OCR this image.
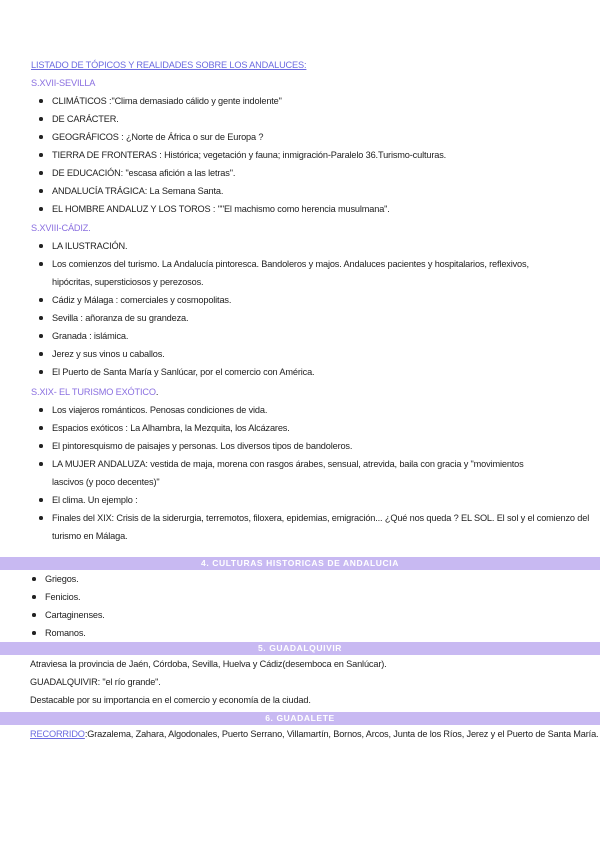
LISTADO DE TÓPICOS Y REALIDADES SOBRE LOS ANDALUCES:
S.XVII-SEVILLA
CLIMÁTICOS :"Clima demasiado cálido y gente indolente"
DE CARÁCTER.
GEOGRÁFICOS : ¿Norte de África o sur de Europa ?
TIERRA DE FRONTERAS : Histórica; vegetación y fauna; inmigración-Paralelo 36.Turismo-culturas.
DE EDUCACIÓN: "escasa afición a las letras".
ANDALUCÍA TRÁGICA: La Semana Santa.
EL HOMBRE ANDALUZ Y LOS TOROS : ""El machismo como herencia musulmana".
S.XVIII-CÁDIZ.
LA ILUSTRACIÓN.
Los comienzos del turismo. La Andalucía pintoresca. Bandoleros y majos. Andaluces pacientes y hospitalarios, reflexivos, hipócritas, supersticiosos y perezosos.
Cádiz y Málaga : comerciales y cosmopolitas.
Sevilla : añoranza de su grandeza.
Granada : islámica.
Jerez y sus vinos u caballos.
El Puerto de Santa María y Sanlúcar, por el comercio con América.
S.XIX- EL TURISMO EXÓTICO.
Los viajeros románticos. Penosas condiciones de vida.
Espacios exóticos : La Alhambra, la Mezquita, los Alcázares.
El pintoresquismo de paisajes y personas. Los diversos tipos de bandoleros.
LA MUJER ANDALUZA: vestida de maja, morena con rasgos árabes, sensual, atrevida, baila con gracia y "movimientos lascivos (y poco decentes)"
El clima. Un ejemplo :
Finales del XIX: Crisis de la siderurgia, terremotos, filoxera, epidemias, emigración... ¿Qué nos queda ? EL SOL. El sol y el comienzo del turismo en Málaga.
4. CULTURAS HISTORICAS DE ANDALUCIA
Griegos.
Fenicios.
Cartaginenses.
Romanos.
5. GUADALQUIVIR
Atraviesa la provincia de Jaén, Córdoba, Sevilla, Huelva y Cádiz(desemboca en Sanlúcar).
GUADALQUIVIR: "el río grande".
Destacable por su importancia en el comercio y economía de la ciudad.
6. GUADALETE
RECORRIDO:Grazalema, Zahara, Algodonales, Puerto Serrano, Villamartín, Bornos, Arcos, Junta de los Ríos, Jerez y el Puerto de Santa María.
